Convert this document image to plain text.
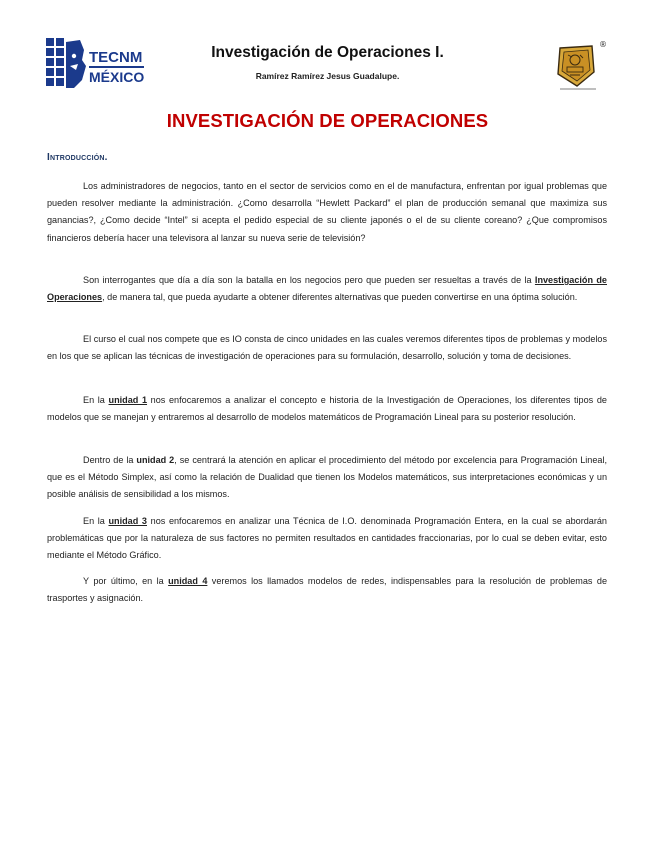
TECNM
MÉXICO
Investigación de Operaciones I.
Ramírez Ramírez Jesus Guadalupe.
®
INVESTIGACIÓN DE OPERACIONES
Introducción.

Los administradores de negocios, tanto en el sector de servicios como en el de manufactura, enfrentan por igual problemas que pueden resolver mediante la administración. ¿Como desarrolla “Hewlett Packard” el plan de producción semanal que maximiza sus ganancias?, ¿Como decide “Intel” si acepta el pedido especial de su cliente japonés o el de su cliente coreano? ¿Que compromisos financieros debería hacer una televisora al lanzar su nueva serie de televisión?

Son interrogantes que día a día son la batalla en los negocios pero que pueden ser resueltas a través de la Investigación de Operaciones, de manera tal, que pueda ayudarte a obtener diferentes alternativas que pueden convertirse en una óptima solución.

El curso el cual nos compete que es IO consta de cinco unidades en las cuales veremos diferentes tipos de problemas y modelos en los que se aplican las técnicas de investigación de operaciones para su formulación, desarrollo, solución y toma de decisiones.

En la unidad 1 nos enfocaremos a analizar el concepto e historia de la Investigación de Operaciones, los diferentes tipos de modelos que se manejan y entraremos al desarrollo de modelos matemáticos de Programación Lineal para su posterior resolución.

Dentro de la unidad 2, se centrará la atención en aplicar el procedimiento del método por excelencia para Programación Lineal, que es el Método Simplex, así como la relación de Dualidad que tienen los Modelos matemáticos, sus interpretaciones económicas y un posible análisis de sensibilidad a los mismos.

En la unidad 3 nos enfocaremos en analizar una Técnica de I.O. denominada Programación Entera, en la cual se abordarán problemáticas que por la naturaleza de sus factores no permiten resultados en cantidades fraccionarias, por lo cual se deben evitar, esto mediante el Método Gráfico.

Y por último, en la unidad 4 veremos los llamados modelos de redes, indispensables para la resolución de problemas de trasportes y asignación.
